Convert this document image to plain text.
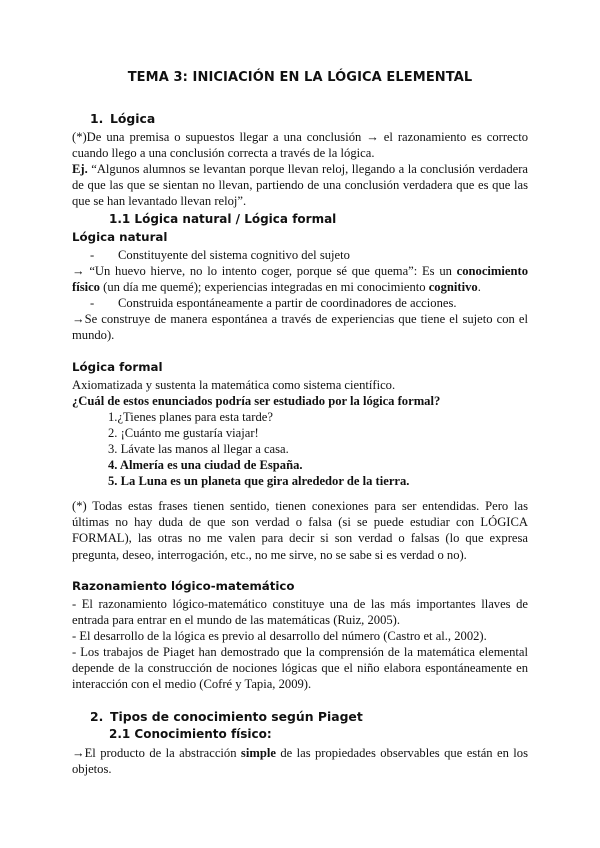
TEMA 3: INICIACIÓN EN LA LÓGICA ELEMENTAL
1. Lógica
(*)De una premisa o supuestos llegar a una conclusión → el razonamiento es correcto cuando llego a una conclusión correcta a través de la lógica.
Ej. “Algunos alumnos se levantan porque llevan reloj, llegando a la conclusión verdadera de que las que se sientan no llevan, partiendo de una conclusión verdadera que es que las que se han levantado llevan reloj”.
1.1 Lógica natural / Lógica formal
Lógica natural
- Constituyente del sistema cognitivo del sujeto
→ “Un huevo hierve, no lo intento coger, porque sé que quema”: Es un conocimiento físico (un día me quemé); experiencias integradas en mi conocimiento cognitivo.
- Construida espontáneamente a partir de coordinadores de acciones.
→Se construye de manera espontánea a través de experiencias que tiene el sujeto con el mundo).
Lógica formal
Axiomatizada y sustenta la matemática como sistema científico.
¿Cuál de estos enunciados podría ser estudiado por la lógica formal?
1.¿Tienes planes para esta tarde?
2. ¡Cuánto me gustaría viajar!
3. Lávate las manos al llegar a casa.
4. Almería es una ciudad de España.
5. La Luna es un planeta que gira alrededor de la tierra.
(*) Todas estas frases tienen sentido, tienen conexiones para ser entendidas. Pero las últimas no hay duda de que son verdad o falsa (si se puede estudiar con LÓGICA FORMAL), las otras no me valen para decir si son verdad o falsas (lo que expresa pregunta, deseo, interrogación, etc., no me sirve, no se sabe si es verdad o no).
Razonamiento lógico-matemático
- El razonamiento lógico-matemático constituye una de las más importantes llaves de entrada para entrar en el mundo de las matemáticas (Ruiz, 2005).
- El desarrollo de la lógica es previo al desarrollo del número (Castro et al., 2002).
- Los trabajos de Piaget han demostrado que la comprensión de la matemática elemental depende de la construcción de nociones lógicas que el niño elabora espontáneamente en interacción con el medio (Cofré y Tapia, 2009).
2. Tipos de conocimiento según Piaget
2.1 Conocimiento físico:
→El producto de la abstracción simple de las propiedades observables que están en los objetos.
